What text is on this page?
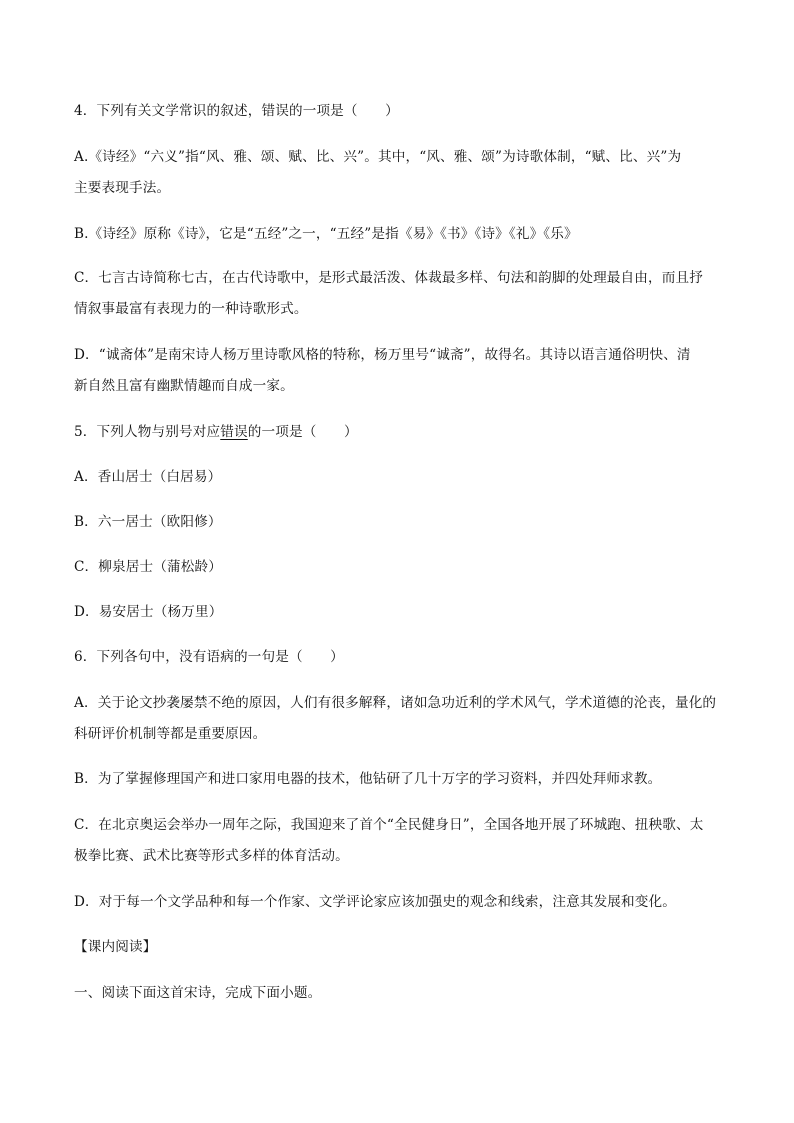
4．下列有关文学常识的叙述，错误的一项是（　　）
A.《诗经》“六义”指“风、雅、颂、赋、比、兴”。其中，“风、雅、颂”为诗歌体制，“赋、比、兴”为
主要表现手法。
B.《诗经》原称《诗》，它是“五经”之一，“五经”是指《易》《书》《诗》《礼》《乐》
C．七言古诗简称七古，在古代诗歌中，是形式最活泼、体裁最多样、句法和韵脚的处理最自由，而且抒
情叙事最富有表现力的一种诗歌形式。
D．“诚斋体”是南宋诗人杨万里诗歌风格的特称，杨万里号“诚斋”，故得名。其诗以语言通俗明快、清
新自然且富有幽默情趣而自成一家。
5．下列人物与别号对应错误的一项是（　　）
A．香山居士（白居易）
B．六一居士（欧阳修）
C．柳泉居士（蒲松龄）
D．易安居士（杨万里）
6．下列各句中，没有语病的一句是（　　）
A．关于论文抄袭屡禁不绝的原因，人们有很多解释，诸如急功近利的学术风气，学术道德的沦丧，量化的
科研评价机制等都是重要原因。
B．为了掌握修理国产和进口家用电器的技术，他钻研了几十万字的学习资料，并四处拜师求教。
C．在北京奥运会举办一周年之际，我国迎来了首个“全民健身日”，全国各地开展了环城跑、扭秧歌、太
极拳比赛、武术比赛等形式多样的体育活动。
D．对于每一个文学品种和每一个作家、文学评论家应该加强史的观念和线索，注意其发展和变化。
【课内阅读】
一、阅读下面这首宋诗，完成下面小题。
